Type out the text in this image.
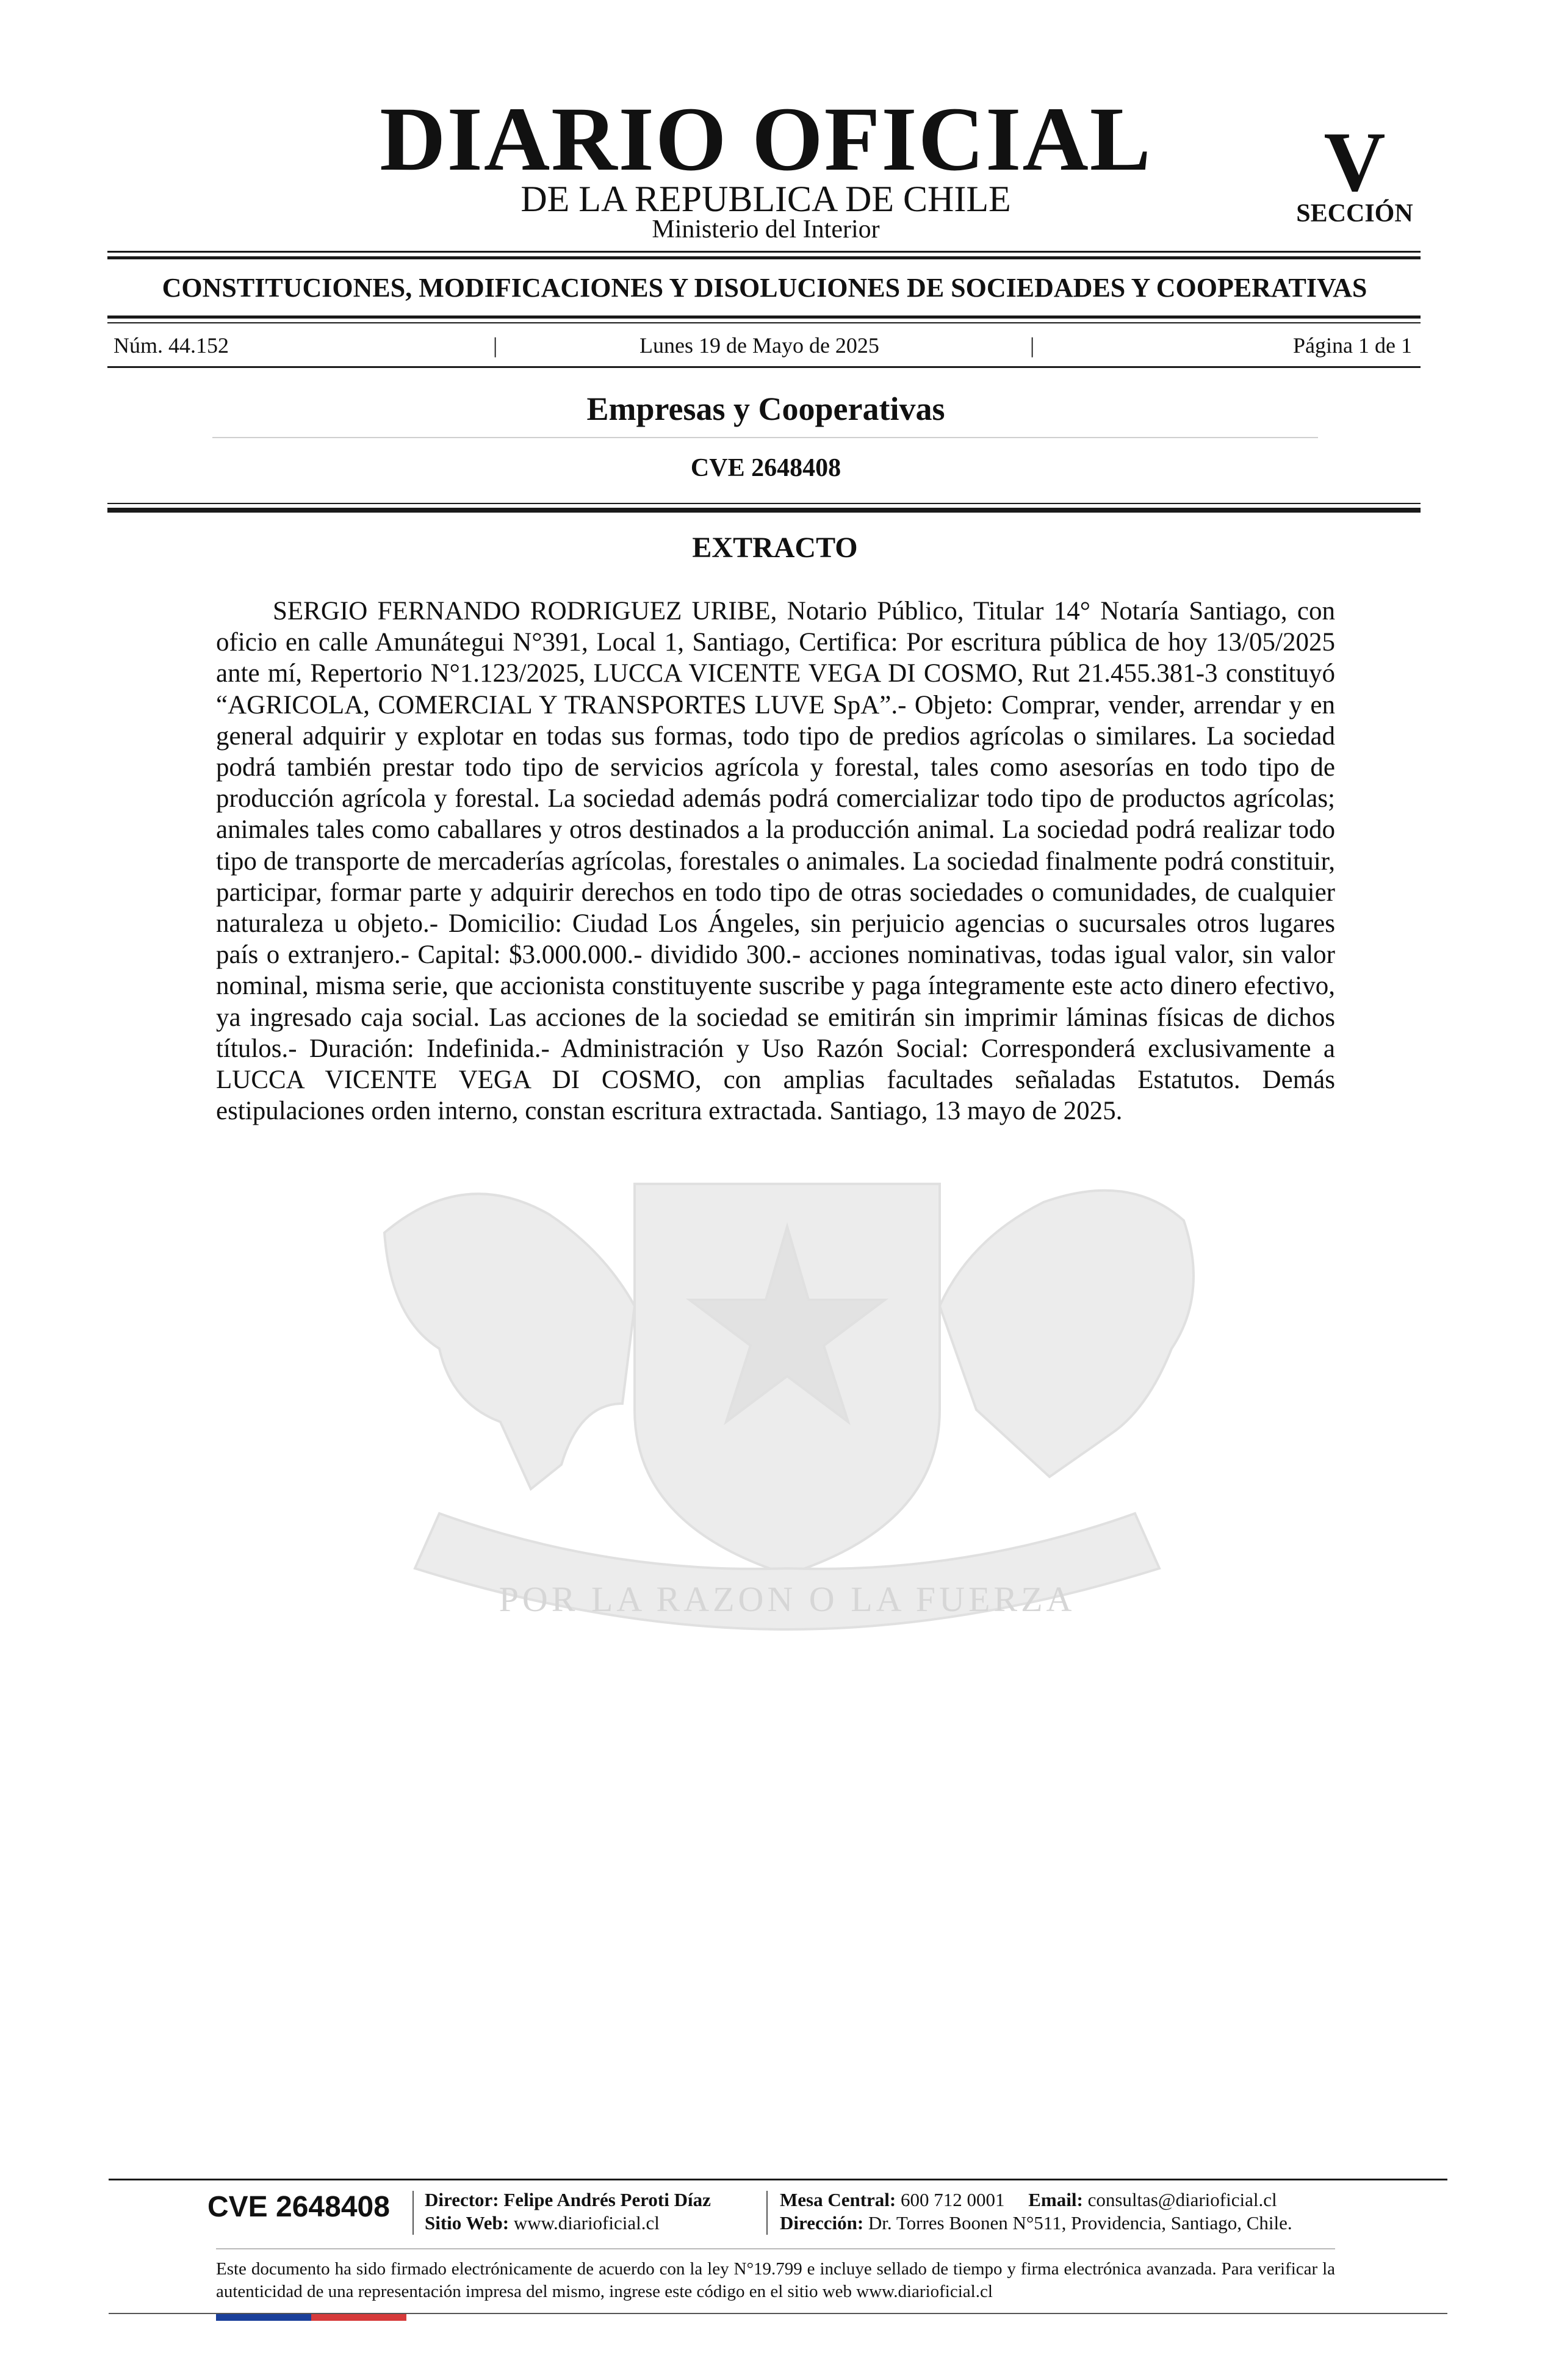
POR LA RAZON O LA FUERZA
DIARIO OFICIAL
DE LA REPUBLICA DE CHILE
Ministerio del Interior
V
SECCIÓN
CONSTITUCIONES, MODIFICACIONES Y DISOLUCIONES DE SOCIEDADES Y COOPERATIVAS
Núm. 44.152	|	Lunes 19 de Mayo de 2025	|	Página 1 de 1
Empresas y Cooperativas
CVE 2648408
EXTRACTO

SERGIO FERNANDO RODRIGUEZ URIBE, Notario Público, Titular 14° Notaría Santiago, con oficio en calle Amunátegui N°391, Local 1, Santiago, Certifica: Por escritura pública de hoy 13/05/2025 ante mí, Repertorio N°1.123/2025, LUCCA VICENTE VEGA DI COSMO, Rut 21.455.381-3 constituyó “AGRICOLA, COMERCIAL Y TRANSPORTES LUVE SpA”.- Objeto: Comprar, vender, arrendar y en general adquirir y explotar en todas sus formas, todo tipo de predios agrícolas o similares. La sociedad podrá también prestar todo tipo de servicios agrícola y forestal, tales como asesorías en todo tipo de producción agrícola y forestal. La sociedad además podrá comercializar todo tipo de productos agrícolas; animales tales como caballares y otros destinados a la producción animal. La sociedad podrá realizar todo tipo de transporte de mercaderías agrícolas, forestales o animales. La sociedad finalmente podrá constituir, participar, formar parte y adquirir derechos en todo tipo de otras sociedades o comunidades, de cualquier naturaleza u objeto.- Domicilio: Ciudad Los Ángeles, sin perjuicio agencias o sucursales otros lugares país o extranjero.- Capital: $3.000.000.- dividido 300.- acciones nominativas, todas igual valor, sin valor nominal, misma serie, que accionista constituyente suscribe y paga íntegramente este acto dinero efectivo, ya ingresado caja social. Las acciones de la sociedad se emitirán sin imprimir láminas físicas de dichos títulos.- Duración: Indefinida.- Administración y Uso Razón Social: Corresponderá exclusivamente a LUCCA VICENTE VEGA DI COSMO, con amplias facultades señaladas Estatutos. Demás estipulaciones orden interno, constan escritura extractada. Santiago, 13 mayo de 2025.

CVE 2648408	Director: Felipe Andrés Peroti Díaz
Sitio Web: www.diarioficial.cl
Mesa Central: 600 712 0001 Email: consultas@diarioficial.cl
Dirección: Dr. Torres Boonen N°511, Providencia, Santiago, Chile.

Este documento ha sido firmado electrónicamente de acuerdo con la ley N°19.799 e incluye sellado de tiempo y firma electrónica avanzada. Para verificar la autenticidad de una representación impresa del mismo, ingrese este código en el sitio web www.diarioficial.cl
